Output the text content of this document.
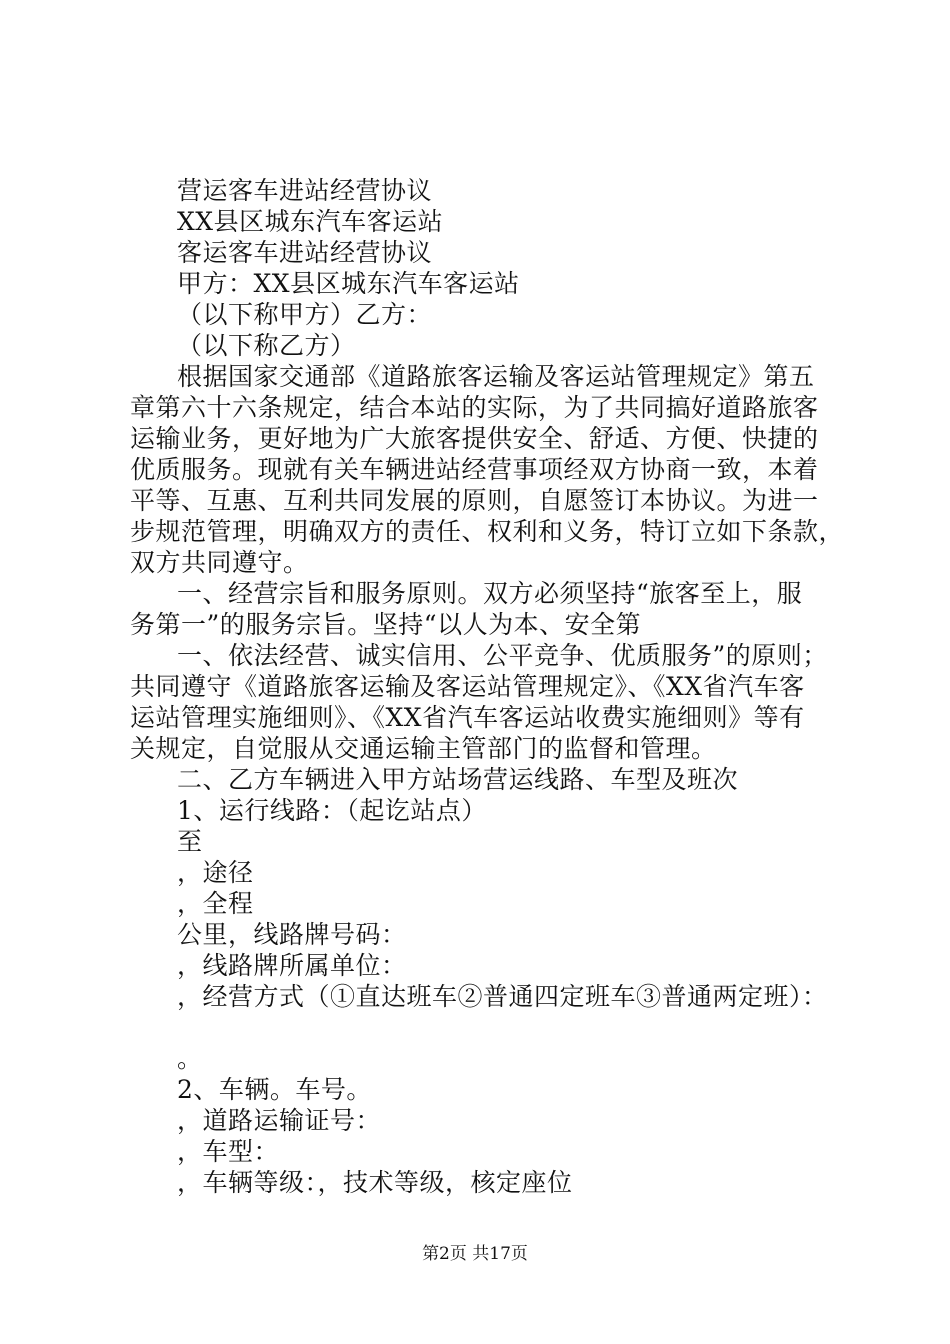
营运客车进站经营协议

XX县区城东汽车客运站

客运客车进站经营协议

甲方：XX县区城东汽车客运站

（以下称甲方）乙方：

（以下称乙方）

根据国家交通部《道路旅客运输及客运站管理规定》第五

章第六十六条规定，结合本站的实际，为了共同搞好道路旅客

运输业务，更好地为广大旅客提供安全、舒适、方便、快捷的

优质服务。现就有关车辆进站经营事项经双方协商一致，本着

平等、互惠、互利共同发展的原则，自愿签订本协议。为进一

步规范管理，明确双方的责任、权利和义务，特订立如下条款，

双方共同遵守。

一、经营宗旨和服务原则。双方必须坚持“旅客至上，服

务第一”的服务宗旨。坚持“以人为本、安全第

一、依法经营、诚实信用、公平竞争、优质服务”的原则；

共同遵守《道路旅客运输及客运站管理规定》、《XX省汽车客

运站管理实施细则》、《XX省汽车客运站收费实施细则》等有

关规定，自觉服从交通运输主管部门的监督和管理。

二、乙方车辆进入甲方站场营运线路、车型及班次

1、运行线路：（起讫站点）

至

，途径

，全程

公里，线路牌号码：

，线路牌所属单位：

，经营方式（①直达班车②普通四定班车③普通两定班）：

。

2、车辆。车号。

，道路运输证号：

，车型：

，车辆等级：，技术等级，核定座位

第2页 共17页
